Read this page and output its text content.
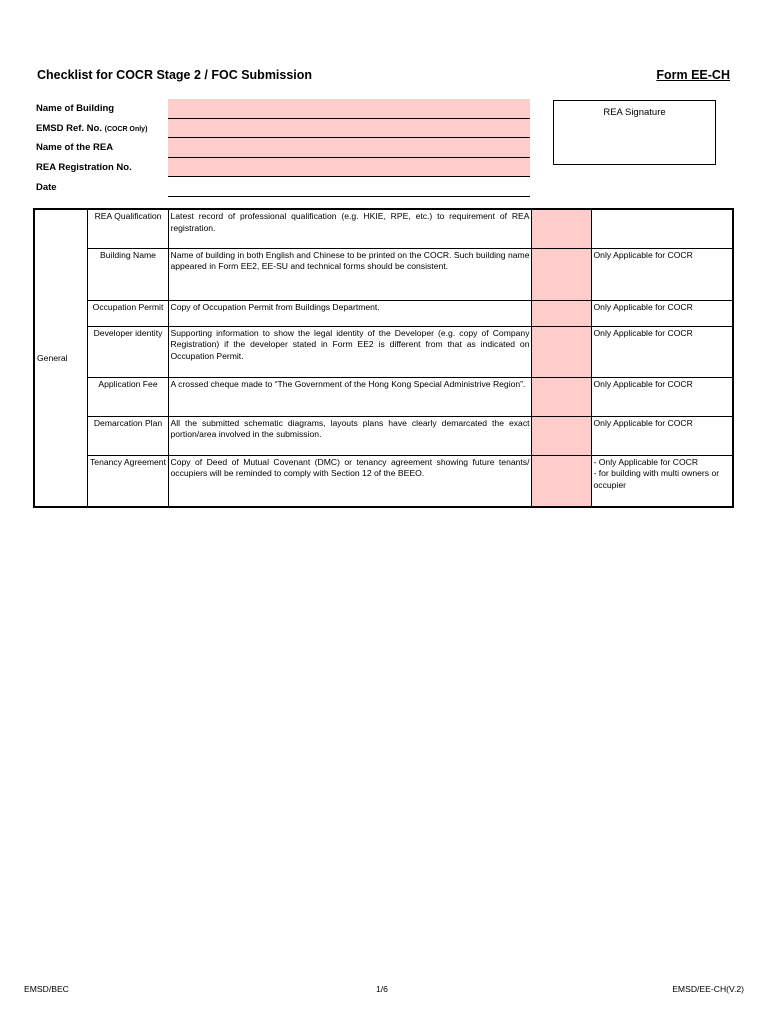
Checklist for COCR Stage 2 / FOC Submission	Form EE-CH
Name of Building
EMSD Ref. No. (COCR Only)
Name of the REA
REA Registration No.
Date
REA Signature
General	REA Qualification	Latest record of professional qualification (e.g. HKIE, RPE, etc.) to requirement of REA registration.		
	Building Name	Name of building in both English and Chinese to be printed on the COCR. Such building name appeared in Form EE2, EE-SU and technical forms should be consistent.		Only Applicable for COCR
	Occupation Permit	Copy of Occupation Permit from Buildings Department.		Only Applicable for COCR
	Developer identity	Supporting information to show the legal identity of the Developer (e.g. copy of Company Registration) if the developer stated in Form EE2 is different from that as indicated on Occupation Permit.		Only Applicable for COCR
	Application Fee	A crossed cheque made to “The Government of the Hong Kong Special Administrive Region”.		Only Applicable for COCR
	Demarcation Plan	All the submitted schematic diagrams, layouts plans have clearly demarcated the exact portion/area involved in the submission.		Only Applicable for COCR
	Tenancy Agreement	Copy of Deed of Mutual Covenant (DMC) or tenancy agreement showing future tenants/ occupiers will be reminded to comply with Section 12 of the BEEO.		- Only Applicable for COCR
- for building with multi owners or occupier
EMSD/BEC	1/6	EMSD/EE-CH(V.2)
